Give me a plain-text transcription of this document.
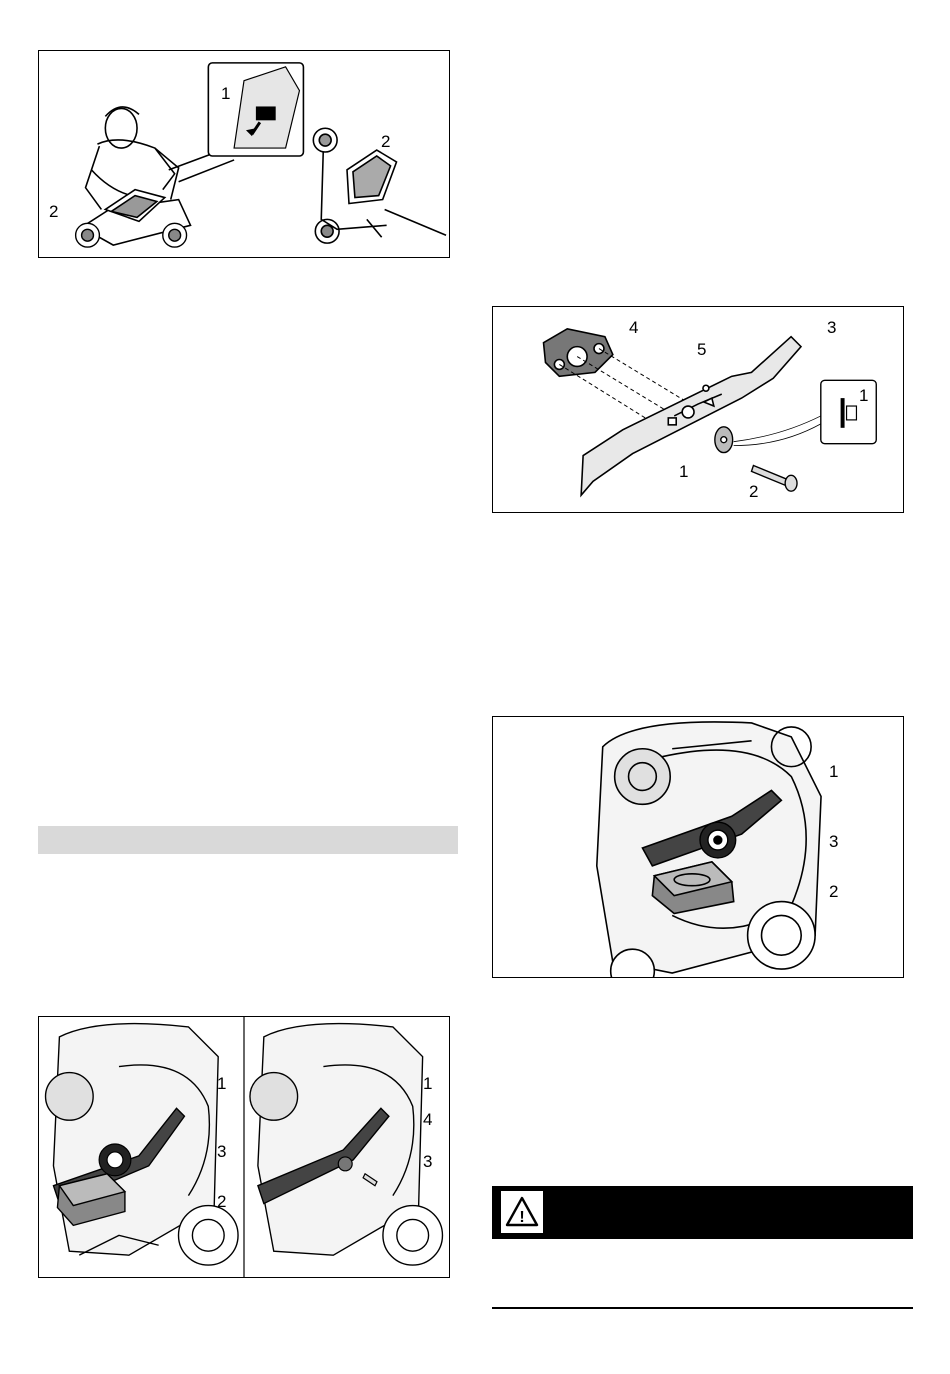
1
2
2
4
5
3
1
1
2
1
3
2
1
3
2
1
4
3
!
